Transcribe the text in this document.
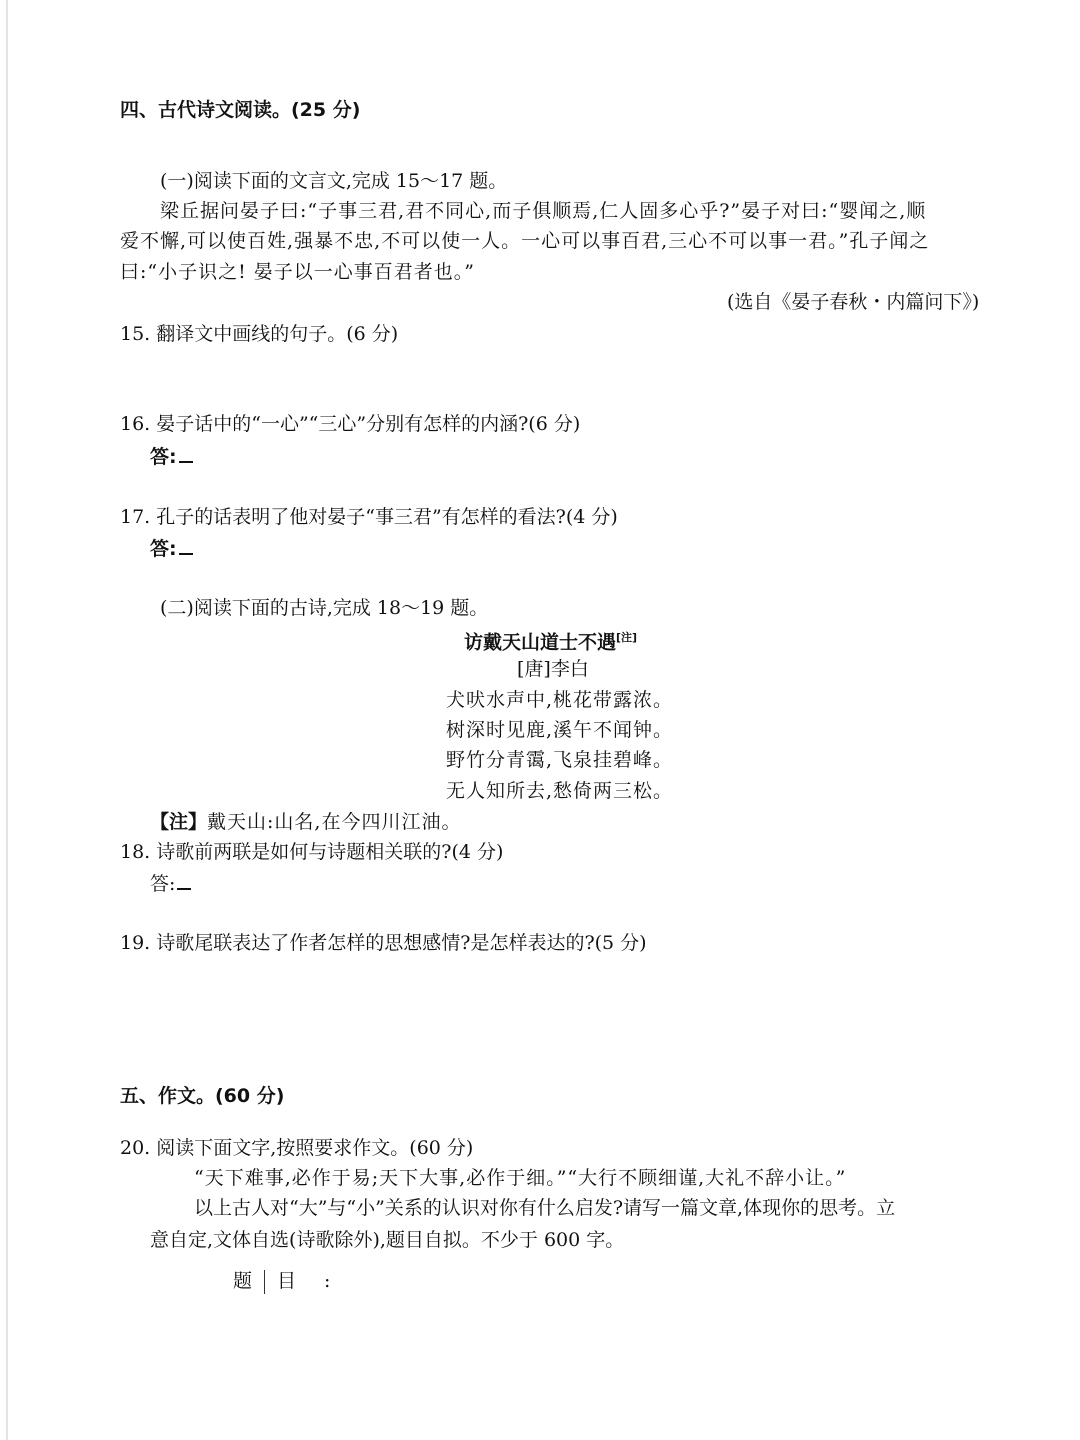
四、古代诗文阅读。(25 分)
(一)阅读下面的文言文,完成 15～17 题。
梁丘据问晏子曰:“子事三君,君不同心,而子俱顺焉,仁人固多心乎?”晏子对曰:“婴闻之,顺
爱不懈,可以使百姓,强暴不忠,不可以使一人。一心可以事百君,三心不可以事一君。”孔子闻之
曰:“小子识之! 晏子以一心事百君者也。”
(选自《晏子春秋・内篇问下》)
15. 翻译文中画线的句子。(6 分)
16. 晏子话中的“一心”“三心”分别有怎样的内涵?(6 分)
答:
17. 孔子的话表明了他对晏子“事三君”有怎样的看法?(4 分)
答:
(二)阅读下面的古诗,完成 18～19 题。
访戴天山道士不遇[注]
[唐]李白
犬吠水声中,桃花带露浓。
树深时见鹿,溪午不闻钟。
野竹分青霭,飞泉挂碧峰。
无人知所去,愁倚两三松。
【注】戴天山:山名,在今四川江油。
18. 诗歌前两联是如何与诗题相关联的?(4 分)
答:
19. 诗歌尾联表达了作者怎样的思想感情?是怎样表达的?(5 分)
五、作文。(60 分)
20. 阅读下面文字,按照要求作文。(60 分)
“天下难事,必作于易;天下大事,必作于细。”“大行不顾细谨,大礼不辞小让。”
以上古人对“大”与“小”关系的认识对你有什么启发?请写一篇文章,体现你的思考。立
意自定,文体自选(诗歌除外),题目自拟。不少于 600 字。
题 目 :
